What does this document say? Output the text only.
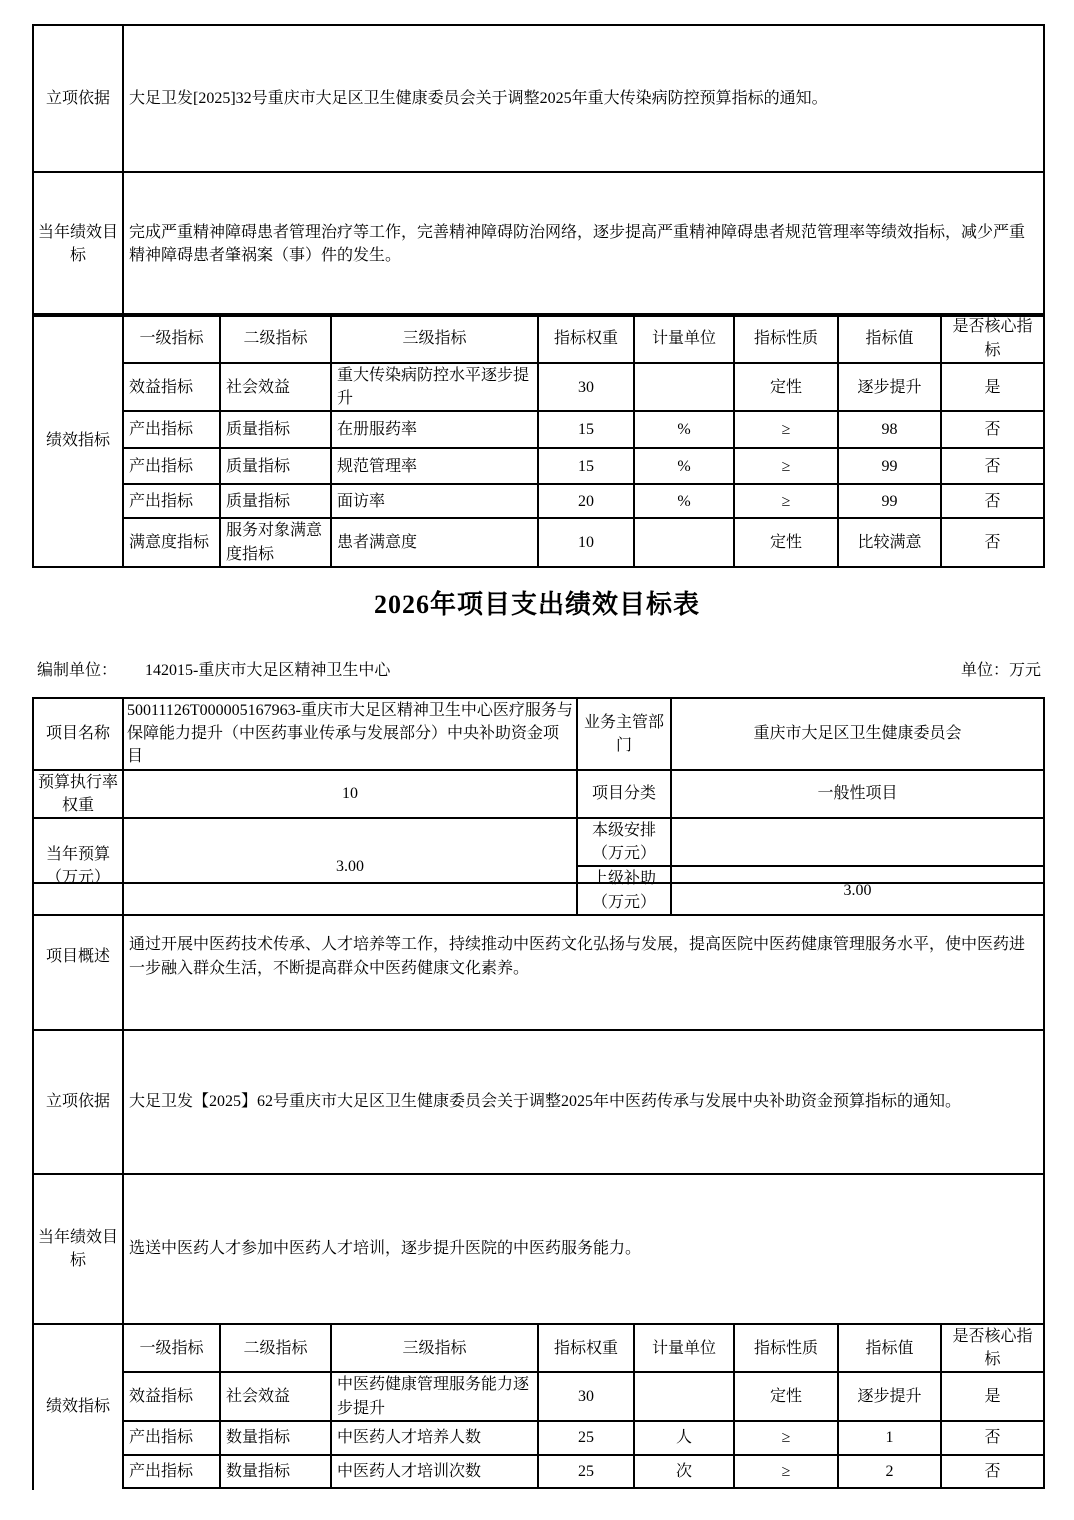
立项依据	大足卫发[2025]32号重庆市大足区卫生健康委员会关于调整2025年重大传染病防控预算指标的通知。
当年绩效目标	完成严重精神障碍患者管理治疗等工作，完善精神障碍防治网络，逐步提高严重精神障碍患者规范管理率等绩效指标，减少严重精神障碍患者肇祸案（事）件的发生。
绩效指标	一级指标	二级指标	三级指标	指标权重	计量单位	指标性质	指标值	是否核心指标
	效益指标	社会效益	重大传染病防控水平逐步提升	30		定性	逐步提升	是
	产出指标	质量指标	在册服药率	15	%	≥	98	否
	产出指标	质量指标	规范管理率	15	%	≥	99	否
	产出指标	质量指标	面访率	20	%	≥	99	否
	满意度指标	服务对象满意度指标	患者满意度	10		定性	比较满意	否
2026年项目支出绩效目标表
编制单位： 142015-重庆市大足区精神卫生中心	单位：万元
项目名称	50011126T000005167963-重庆市大足区精神卫生中心医疗服务与保障能力提升（中医药事业传承与发展部分）中央补助资金项目	业务主管部门	重庆市大足区卫生健康委员会
预算执行率权重	10	项目分类	一般性项目
当年预算（万元）	3.00	本级安排（万元）	
		上级补助（万元）	3.00
项目概述	通过开展中医药技术传承、人才培养等工作，持续推动中医药文化弘扬与发展，提高医院中医药健康管理服务水平，使中医药进一步融入群众生活，不断提高群众中医药健康文化素养。
立项依据	大足卫发【2025】62号重庆市大足区卫生健康委员会关于调整2025年中医药传承与发展中央补助资金预算指标的通知。
当年绩效目标	选送中医药人才参加中医药人才培训，逐步提升医院的中医药服务能力。
绩效指标	一级指标	二级指标	三级指标	指标权重	计量单位	指标性质	指标值	是否核心指标
	效益指标	社会效益	中医药健康管理服务能力逐步提升	30		定性	逐步提升	是
	产出指标	数量指标	中医药人才培养人数	25	人	≥	1	否
	产出指标	数量指标	中医药人才培训次数	25	次	≥	2	否
